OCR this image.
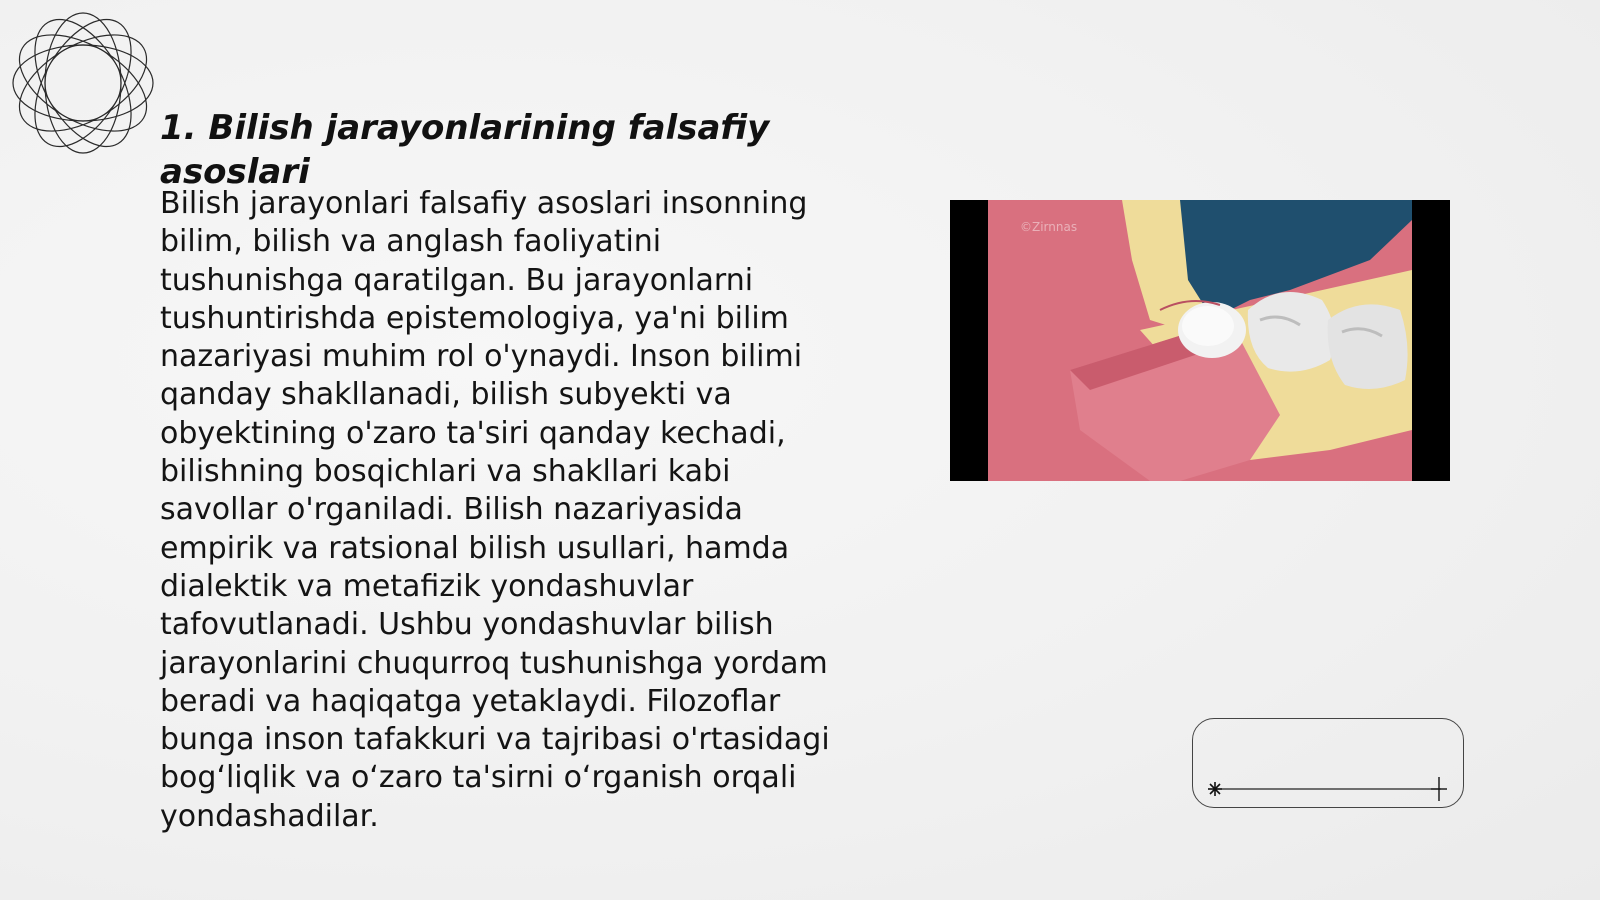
1. Bilish jarayonlarining falsafiy asoslari

Bilish jarayonlari falsafiy asoslari insonning bilim, bilish va anglash faoliyatini tushunishga qaratilgan. Bu jarayonlarni tushuntirishda epistemologiya, ya'ni bilim nazariyasi muhim rol o'ynaydi. Inson bilimi qanday shakllanadi, bilish subyekti va obyektining o'zaro ta'siri qanday kechadi, bilishning bosqichlari va shakllari kabi savollar o'rganiladi. Bilish nazariyasida empirik va ratsional bilish usullari, hamda dialektik va metafizik yondashuvlar tafovutlanadi. Ushbu yondashuvlar bilish jarayonlarini chuqurroq tushunishga yordam beradi va haqiqatga yetaklaydi. Filozoflar bunga inson tafakkuri va tajribasi o'rtasidagi bog‘liqlik va o‘zaro ta'sirni o‘rganish orqali yondashadilar.

©Zirnnas
